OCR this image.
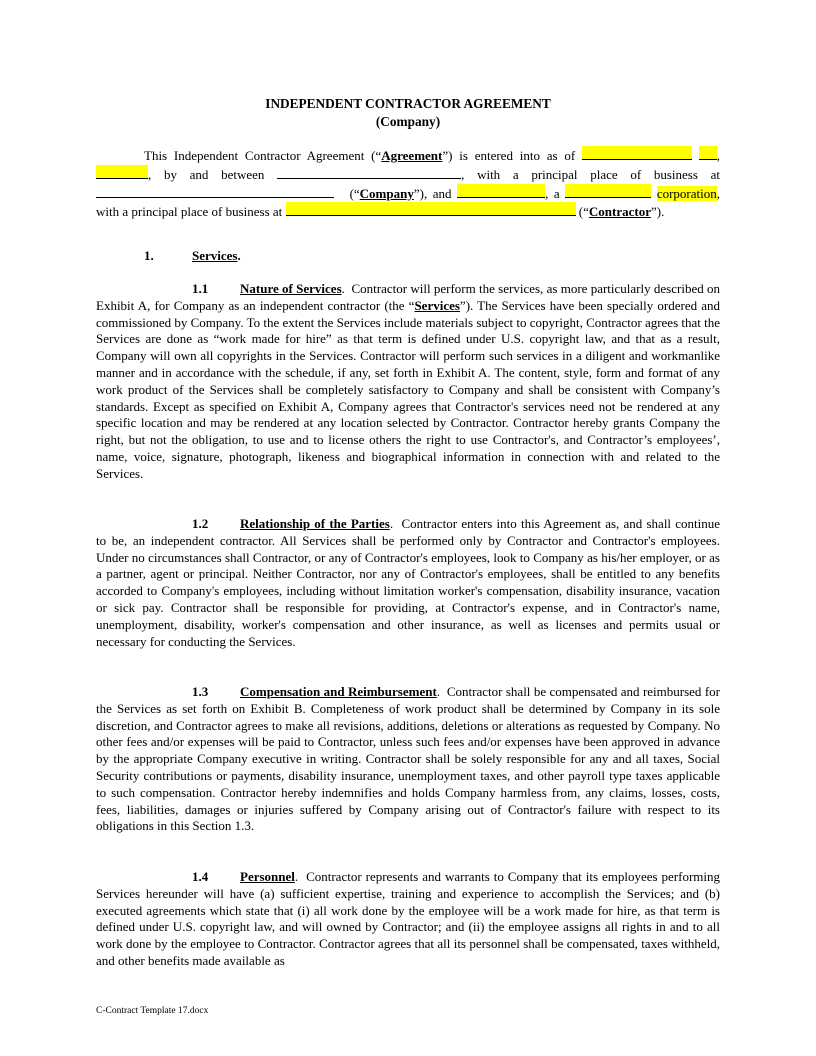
INDEPENDENT CONTRACTOR AGREEMENT
(Company)
This Independent Contractor Agreement (“Agreement”) is entered into as of	, , by and between	, with a principal place of business at  (“Company”), and	, a	corporation, with a principal place of business at	(“Contractor”).
1.	Services.
1.1 Nature of Services.  Contractor will perform the services, as more particularly described on Exhibit A, for Company as an independent contractor (the “Services”). The Services have been specially ordered and commissioned by Company. To the extent the Services include materials subject to copyright, Contractor agrees that the Services are done as “work made for hire” as that term is defined under U.S. copyright law, and that as a result, Company will own all copyrights in the Services. Contractor will perform such services in a diligent and workmanlike manner and in accordance with the schedule, if any, set forth in Exhibit A. The content, style, form and format of any work product of the Services shall be completely satisfactory to Company and shall be consistent with Company’s standards. Except as specified on Exhibit A, Company agrees that Contractor's services need not be rendered at any specific location and may be rendered at any location selected by Contractor. Contractor hereby grants Company the right, but not the obligation, to use and to license others the right to use Contractor's, and Contractor’s employees’, name, voice, signature, photograph, likeness and biographical information in connection with and related to the Services.
1.2 Relationship of the Parties.  Contractor enters into this Agreement as, and shall continue to be, an independent contractor. All Services shall be performed only by Contractor and Contractor's employees. Under no circumstances shall Contractor, or any of Contractor's employees, look to Company as his/her employer, or as a partner, agent or principal. Neither Contractor, nor any of Contractor's employees, shall be entitled to any benefits accorded to Company's employees, including without limitation worker's compensation, disability insurance, vacation or sick pay. Contractor shall be responsible for providing, at Contractor's expense, and in Contractor's name, unemployment, disability, worker's compensation and other insurance, as well as licenses and permits usual or necessary for conducting the Services.
1.3 Compensation and Reimbursement.  Contractor shall be compensated and reimbursed for the Services as set forth on Exhibit B. Completeness of work product shall be determined by Company in its sole discretion, and Contractor agrees to make all revisions, additions, deletions or alterations as requested by Company. No other fees and/or expenses will be paid to Contractor, unless such fees and/or expenses have been approved in advance by the appropriate Company executive in writing. Contractor shall be solely responsible for any and all taxes, Social Security contributions or payments, disability insurance, unemployment taxes, and other payroll type taxes applicable to such compensation. Contractor hereby indemnifies and holds Company harmless from, any claims, losses, costs, fees, liabilities, damages or injuries suffered by Company arising out of Contractor's failure with respect to its obligations in this Section 1.3.
1.4 Personnel.  Contractor represents and warrants to Company that its employees performing Services hereunder will have (a) sufficient expertise, training and experience to accomplish the Services; and (b) executed agreements which state that (i) all work done by the employee will be a work made for hire, as that term is defined under U.S. copyright law, and will owned by Contractor; and (ii) the employee assigns all rights in and to all work done by the employee to Contractor. Contractor agrees that all its personnel shall be compensated, taxes withheld, and other benefits made available as
C-Contract Template 17.docx
